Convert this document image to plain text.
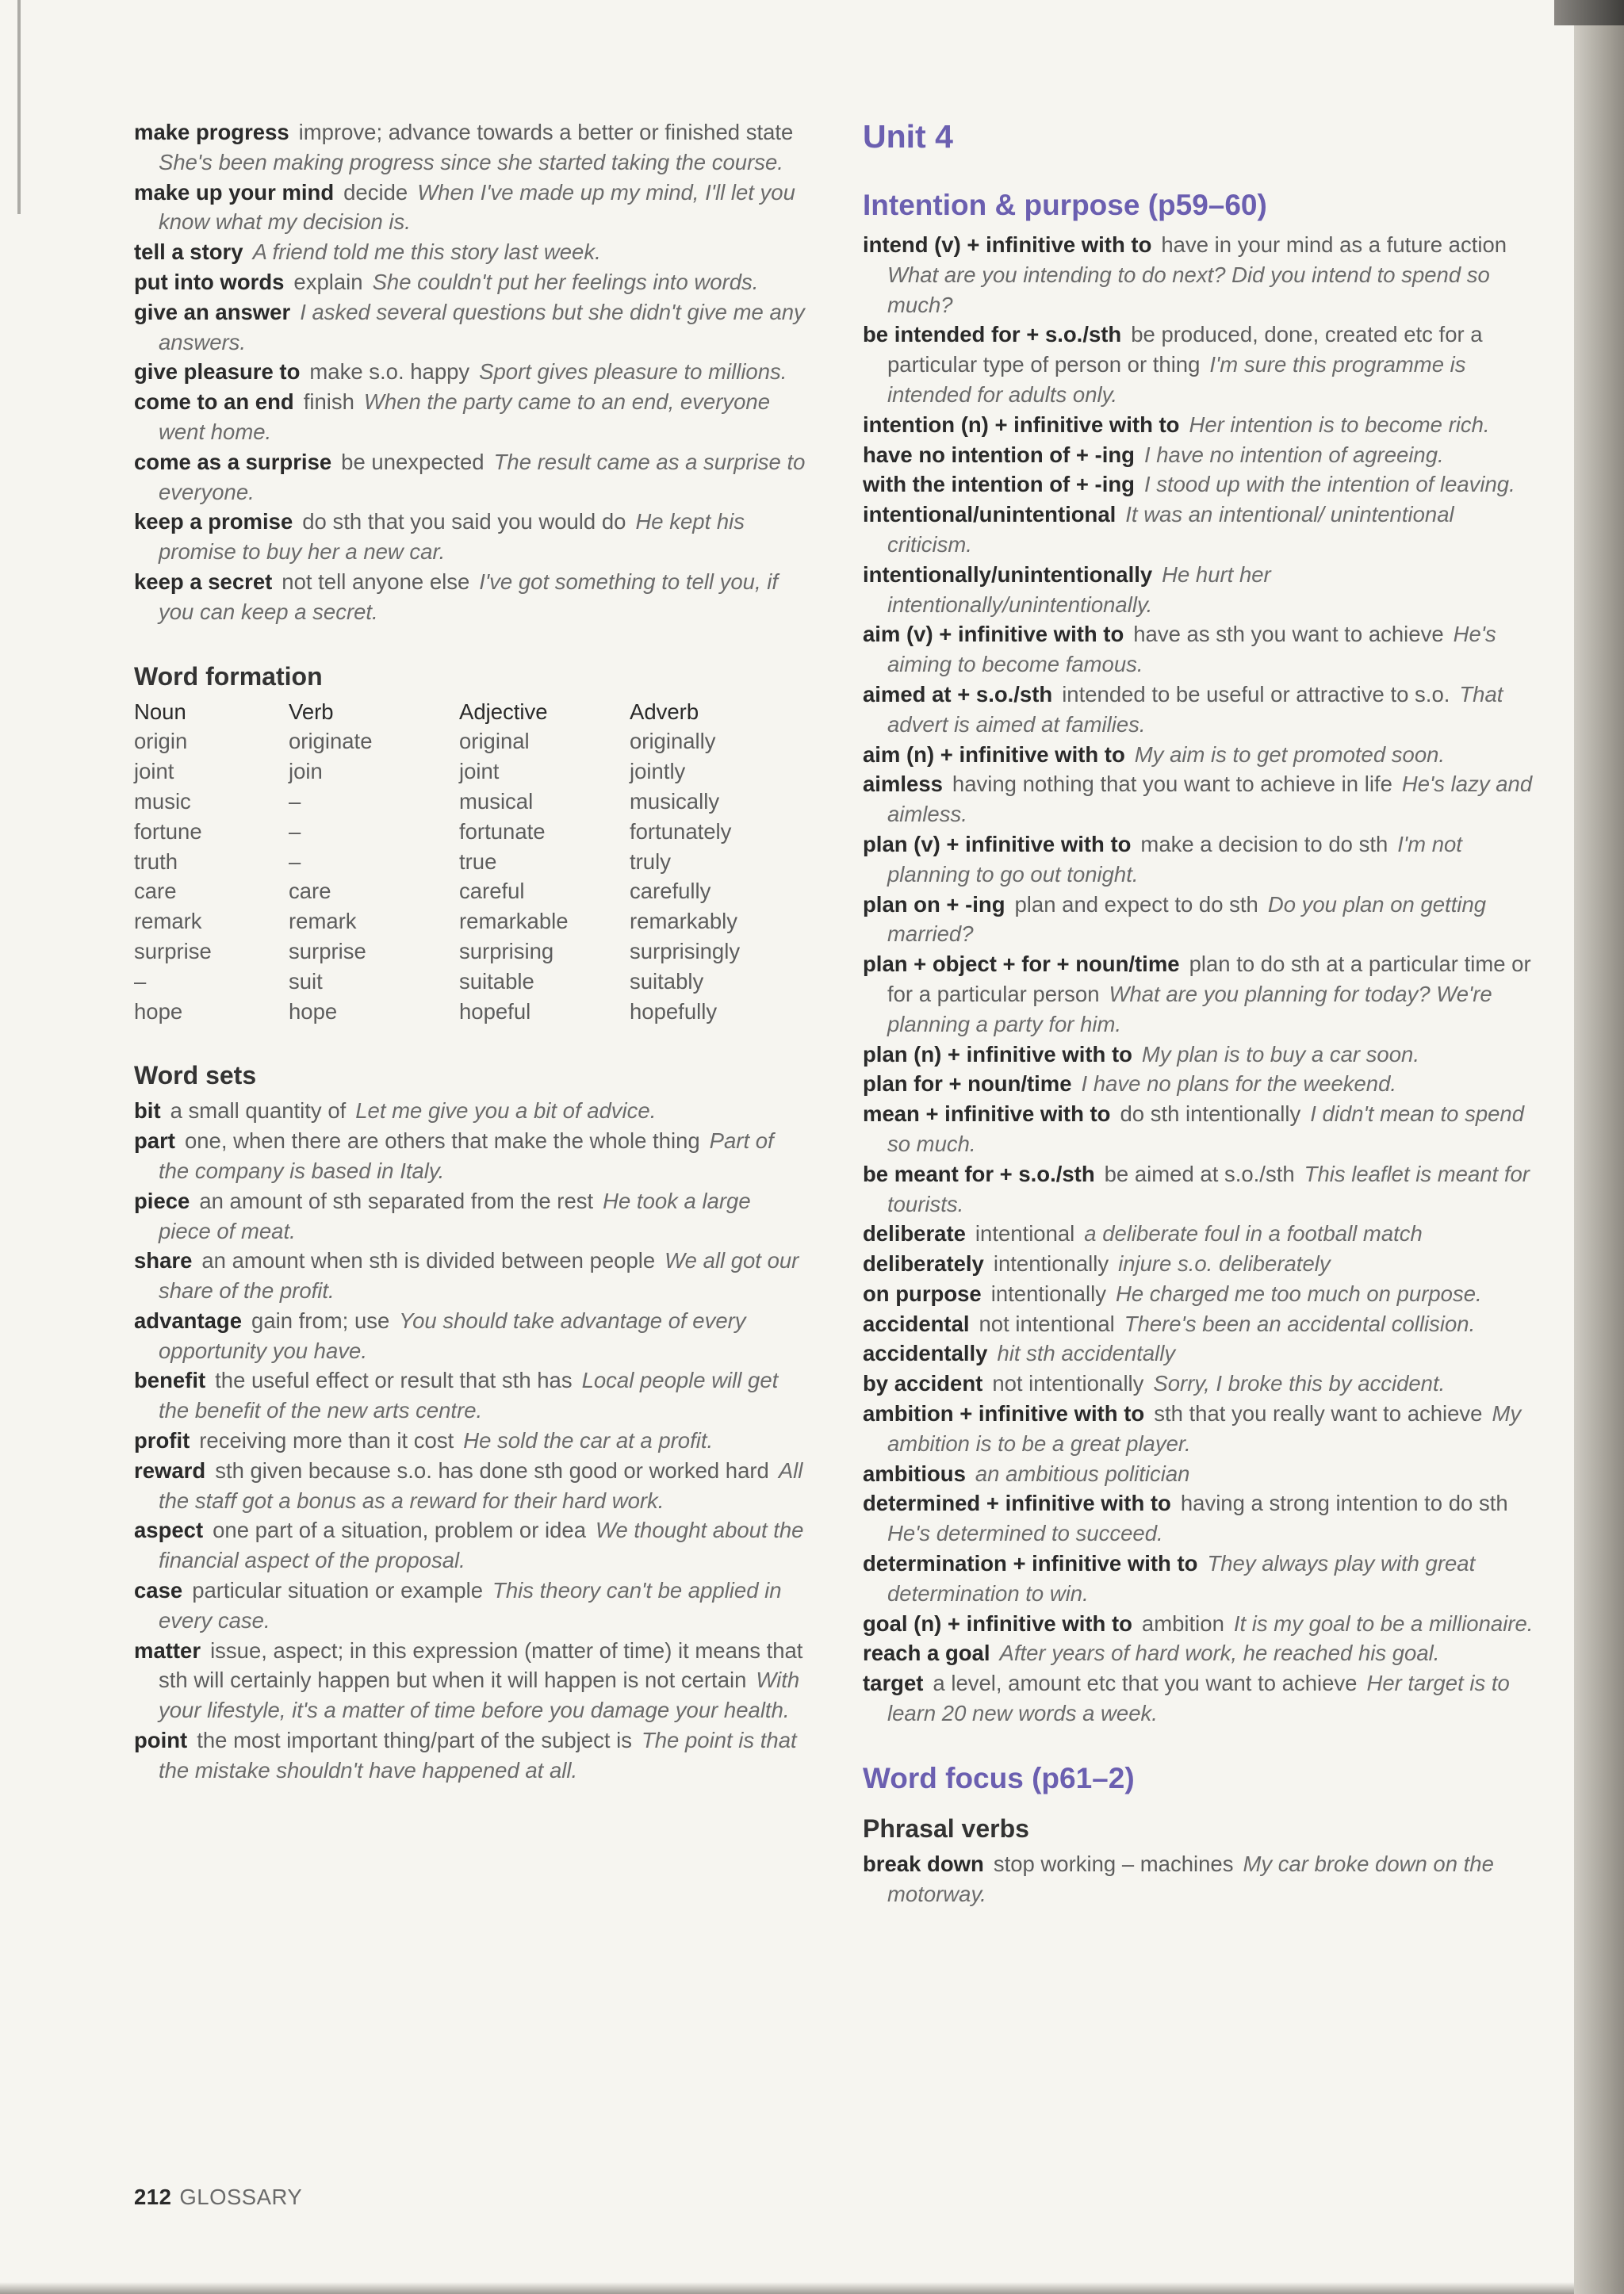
make progress improve; advance towards a better or finished stateShe's been making progress since she started taking the course.

make up your mind decide When I've made up my mind, I'll let you know what my decision is.

tell a story A friend told me this story last week.

put into words explain She couldn't put her feelings into words.

give an answer I asked several questions but she didn't give me any answers.

give pleasure to make s.o. happy Sport gives pleasure to millions.

come to an end finish When the party came to an end, everyone went home.

come as a surprise be unexpected The result came as a surprise to everyone.

keep a promise do sth that you said you would do He kept his promise to buy her a new car.

keep a secret not tell anyone else I've got something to tell you, if you can keep a secret.

Word formation
Noun	Verb	Adjective	Adverb
origin	originate	original	originally
joint	join	joint	jointly
music	–	musical	musically
fortune	–	fortunate	fortunately
truth	–	true	truly
care	care	careful	carefully
remark	remark	remarkable	remarkably
surprise	surprise	surprising	surprisingly
–	suit	suitable	suitably
hope	hope	hopeful	hopefully
Word sets

bit a small quantity of Let me give you a bit of advice.

part one, when there are others that make the whole thing Part of the company is based in Italy.

piece an amount of sth separated from the rest He took a large piece of meat.

share an amount when sth is divided between people We all got our share of the profit.

advantage gain from; use You should take advantage of every opportunity you have.

benefit the useful effect or result that sth has Local people will get the benefit of the new arts centre.

profit receiving more than it cost He sold the car at a profit.

reward sth given because s.o. has done sth good or worked hard All the staff got a bonus as a reward for their hard work.

aspect one part of a situation, problem or idea We thought about the financial aspect of the proposal.

case particular situation or example This theory can't be applied in every case.

matter issue, aspect; in this expression (matter of time) it means that sth will certainly happen but when it will happen is not certain With your lifestyle, it's a matter of time before you damage your health.

point the most important thing/part of the subject is The point is that the mistake shouldn't have happened at all.

Unit 4
Intention & purpose (p59–60)

intend (v) + infinitive with to have in your mind as a future actionWhat are you intending to do next? Did you intend to spend so much?

be intended for + s.o./sth be produced, done, created etc for a particular type of person or thing I'm sure this programme is intended for adults only.

intention (n) + infinitive with to Her intention is to become rich.

have no intention of + -ing I have no intention of agreeing.

with the intention of + -ing I stood up with the intention of leaving.

intentional/unintentional It was an intentional/ unintentional criticism.

intentionally/unintentionally He hurt her intentionally/unintentionally.

aim (v) + infinitive with to have as sth you want to achieve He's aiming to become famous.

aimed at + s.o./sth intended to be useful or attractive to s.o. That advert is aimed at families.

aim (n) + infinitive with to My aim is to get promoted soon.

aimless having nothing that you want to achieve in life He's lazy and aimless.

plan (v) + infinitive with to make a decision to do sth I'm not planning to go out tonight.

plan on + -ing plan and expect to do sth Do you plan on getting married?

plan + object + for + noun/time plan to do sth at a particular time or for a particular person What are you planning for today? We're planning a party for him.

plan (n) + infinitive with to My plan is to buy a car soon.

plan for + noun/time I have no plans for the weekend.

mean + infinitive with to do sth intentionally I didn't mean to spend so much.

be meant for + s.o./sth be aimed at s.o./sth This leaflet is meant for tourists.

deliberate intentional a deliberate foul in a football match

deliberately intentionally injure s.o. deliberately

on purpose intentionally He charged me too much on purpose.

accidental not intentional There's been an accidental collision.

accidentally hit sth accidentally

by accident not intentionally Sorry, I broke this by accident.

ambition + infinitive with to sth that you really want to achieve My ambition is to be a great player.

ambitious an ambitious politician

determined + infinitive with to having a strong intention to do sthHe's determined to succeed.

determination + infinitive with to They always play with great determination to win.

goal (n) + infinitive with to ambition It is my goal to be a millionaire.

reach a goal After years of hard work, he reached his goal.

target a level, amount etc that you want to achieve Her target is to learn 20 new words a week.

Word focus (p61–2)
Phrasal verbs

break down stop working – machines My car broke down on the motorway.

212 GLOSSARY
